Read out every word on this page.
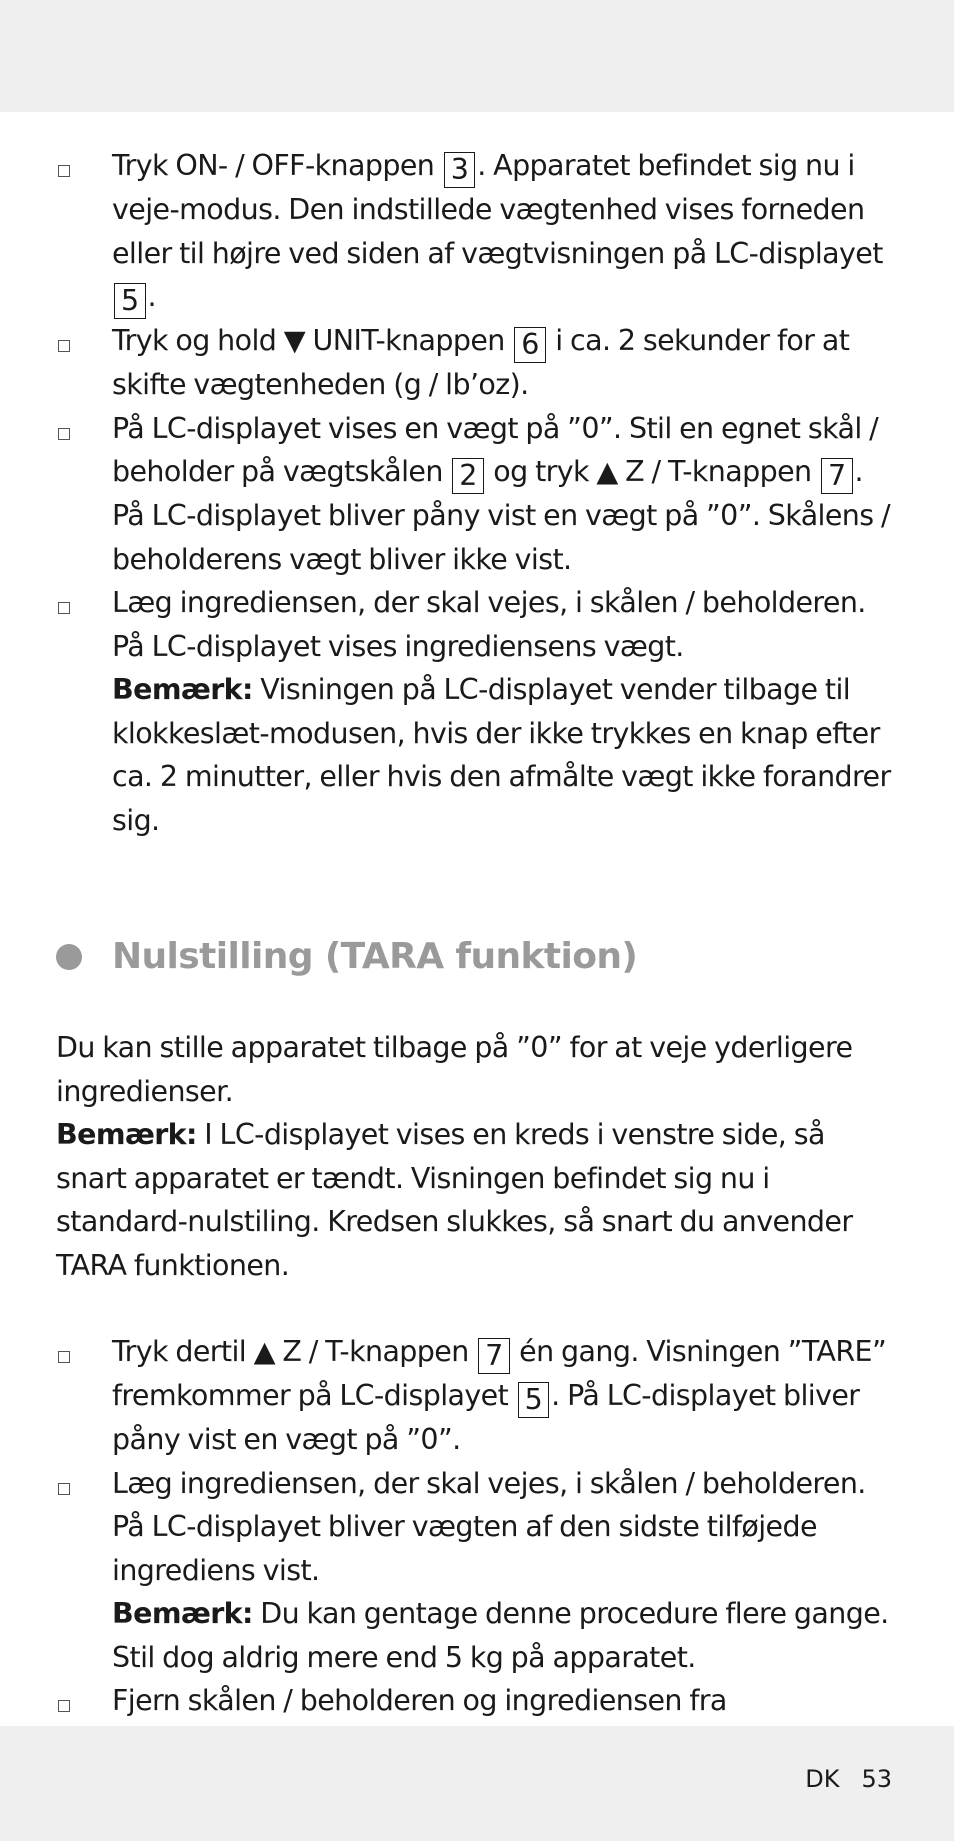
Tryk ON- / OFF-knappen 3 . Apparatet befindet sig nu i veje-modus. Den indstillede vægtenhed vises forneden eller til højre ved siden af vægtvisningen på LC-displayet 5 .
Tryk og hold ▼ UNIT-knappen 6 i ca. 2 sekunder for at skifte vægtenheden (g / lb’oz).
På LC-displayet vises en vægt på ”0”. Stil en egnet skål / beholder på vægtskålen 2 og tryk ▲ Z / T-knappen 7 . På LC-displayet bliver påny vist en vægt på ”0”. Skålens / beholderens vægt bliver ikke vist.
Læg ingrediensen, der skal vejes, i skålen / beholderen. På LC-displayet vises ingrediensens vægt.
Bemærk: Visningen på LC-displayet vender tilbage til klokkeslæt-modusen, hvis der ikke trykkes en knap efter ca. 2 minutter, eller hvis den afmålte vægt ikke forandrer sig.
Nulstilling (TARA funktion)
Du kan stille apparatet tilbage på ”0” for at veje yderligere ingredienser.
Bemærk: I LC-displayet vises en kreds i venstre side, så snart apparatet er tændt. Visningen befindet sig nu i standard-nulstiling. Kredsen slukkes, så snart du anvender TARA funktionen.
Tryk dertil ▲ Z / T-knappen 7 én gang. Visningen ”TARE” fremkommer på LC-displayet 5 . På LC-displayet bliver påny vist en vægt på ”0”.
Læg ingrediensen, der skal vejes, i skålen / beholderen. På LC-displayet bliver vægten af den sidste tilføjede ingrediens vist.
Bemærk: Du kan gentage denne procedure flere gange. Stil dog aldrig mere end 5 kg på apparatet.
Fjern skålen / beholderen og ingrediensen fra
DK 53
